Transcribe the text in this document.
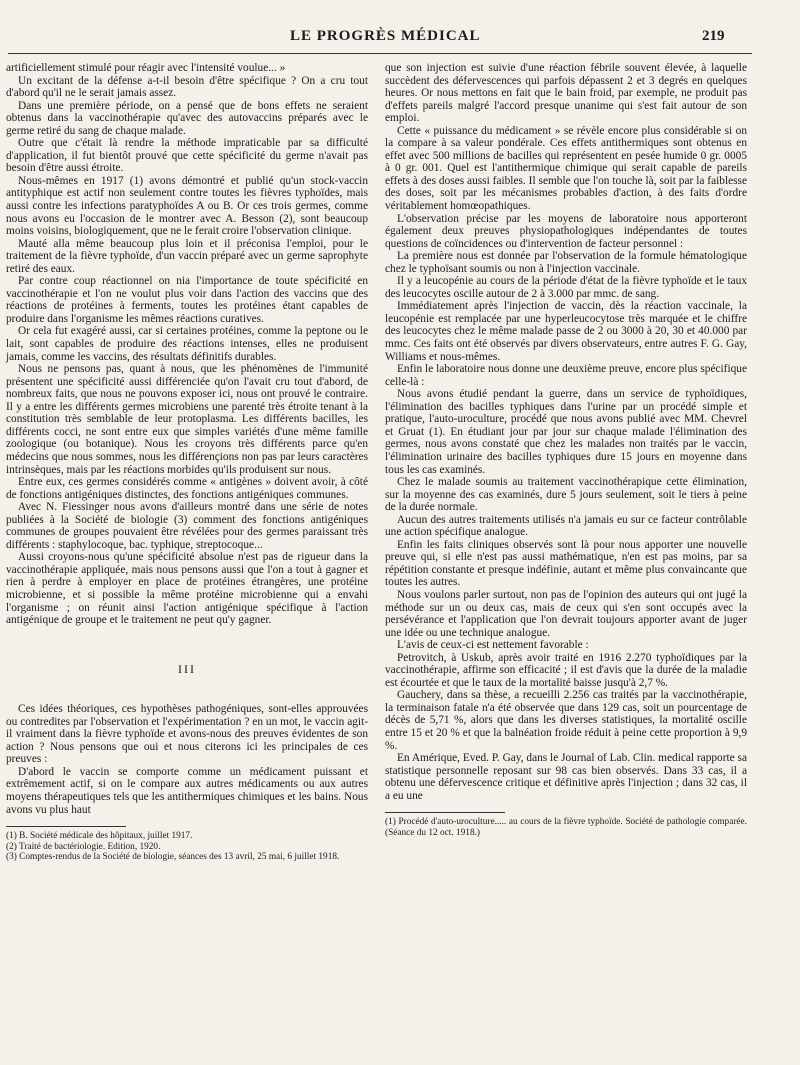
LE PROGRÈS MÉDICAL	219

artificiellement stimulé pour réagir avec l'intensité voulue... »

Un excitant de la défense a-t-il besoin d'être spécifique ? On a cru tout d'abord qu'il ne le serait jamais assez.

Dans une première période, on a pensé que de bons effets ne seraient obtenus dans la vaccinothérapie qu'avec des autovaccins préparés avec le germe retiré du sang de chaque malade.

Outre que c'était là rendre la méthode impraticable par sa difficulté d'application, il fut bientôt prouvé que cette spécificité du germe n'avait pas besoin d'être aussi étroite.

Nous-mêmes en 1917 (1) avons démontré et publié qu'un stock-vaccin antityphique est actif non seulement contre toutes les fièvres typhoïdes, mais aussi contre les infections paratyphoïdes A ou B. Or ces trois germes, comme nous avons eu l'occasion de le montrer avec A. Besson (2), sont beaucoup moins voisins, biologiquement, que ne le ferait croire l'observation clinique.

Mauté alla même beaucoup plus loin et il préconisa l'emploi, pour le traitement de la fièvre typhoïde, d'un vaccin préparé avec un germe saprophyte retiré des eaux.

Par contre coup réactionnel on nia l'importance de toute spécificité en vaccinothérapie et l'on ne voulut plus voir dans l'action des vaccins que des réactions de protéines à ferments, toutes les protéines étant capables de produire dans l'organisme les mêmes réactions curatives.

Or cela fut exagéré aussi, car si certaines protéines, comme la peptone ou le lait, sont capables de produire des réactions intenses, elles ne produisent jamais, comme les vaccins, des résultats définitifs durables.

Nous ne pensons pas, quant à nous, que les phénomènes de l'immunité présentent une spécificité aussi différenciée qu'on l'avait cru tout d'abord, de nombreux faits, que nous ne pouvons exposer ici, nous ont prouvé le contraire. Il y a entre les différents germes microbiens une parenté très étroite tenant à la constitution très semblable de leur protoplasma. Les différents bacilles, les différents cocci, ne sont entre eux que simples variétés d'une même famille zoologique (ou botanique). Nous les croyons très différents parce qu'en médecins que nous sommes, nous les différençions non pas par leurs caractères intrinsèques, mais par les réactions morbides qu'ils produisent sur nous.

Entre eux, ces germes considérés comme « antigènes » doivent avoir, à côté de fonctions antigéniques distinctes, des fonctions antigéniques communes.

Avec N. Fiessinger nous avons d'ailleurs montré dans une série de notes publiées à la Société de biologie (3) comment des fonctions antigéniques communes de groupes pouvaient être révélées pour des germes paraissant très différents : staphylocoque, bac. typhique, streptocoque...

Aussi croyons-nous qu'une spécificité absolue n'est pas de rigueur dans la vaccinothérapie appliquée, mais nous pensons aussi que l'on a tout à gagner et rien à perdre à employer en place de protéines étrangères, une protéine microbienne, et si possible la même protéine microbienne qui a envahi l'organisme ; on réunit ainsi l'action antigénique spécifique à l'action antigénique de groupe et le traitement ne peut qu'y gagner.

III

Ces idées théoriques, ces hypothèses pathogéniques, sont-elles approuvées ou contredites par l'observation et l'expérimentation ? en un mot, le vaccin agit-il vraiment dans la fièvre typhoïde et avons-nous des preuves évidentes de son action ? Nous pensons que oui et nous citerons ici les principales de ces preuves :

D'abord le vaccin se comporte comme un médicament puissant et extrêmement actif, si on le compare aux autres médicaments ou aux autres moyens thérapeutiques tels que les antithermiques chimiques et les bains. Nous avons vu plus haut

(1) B. Société médicale des hôpitaux, juillet 1917.
(2) Traité de bactériologie. Edition, 1920.
(3) Comptes-rendus de la Société de biologie, séances des 13 avril, 25 mai, 6 juillet 1918.

que son injection est suivie d'une réaction fébrile souvent élevée, à laquelle succèdent des défervescences qui parfois dépassent 2 et 3 degrés en quelques heures. Or nous mettons en fait que le bain froid, par exemple, ne produit pas d'effets pareils malgré l'accord presque unanime qui s'est fait autour de son emploi.

Cette « puissance du médicament » se révèle encore plus considérable si on la compare à sa valeur pondérale. Ces effets antithermiques sont obtenus en effet avec 500 millions de bacilles qui représentent en pesée humide 0 gr. 0005 à 0 gr. 001. Quel est l'antithermique chimique qui serait capable de pareils effets à des doses aussi faibles. Il semble que l'on touche là, soit par la faiblesse des doses, soit par les mécanismes probables d'action, à des faits d'ordre véritablement homœopathiques.

L'observation précise par les moyens de laboratoire nous apporteront également deux preuves physiopathologiques indépendantes de toutes questions de coïncidences ou d'intervention de facteur personnel :

La première nous est donnée par l'observation de la formule hématologique chez le typhoïsant soumis ou non à l'injection vaccinale.

Il y a leucopénie au cours de la période d'état de la fièvre typhoïde et le taux des leucocytes oscille autour de 2 à 3.000 par mmc. de sang.

Immédiatement après l'injection de vaccin, dès la réaction vaccinale, la leucopénie est remplacée par une hyperleucocytose très marquée et le chiffre des leucocytes chez le même malade passe de 2 ou 3000 à 20, 30 et 40.000 par mmc. Ces faits ont été observés par divers observateurs, entre autres F. G. Gay, Williams et nous-mêmes.

Enfin le laboratoire nous donne une deuxième preuve, encore plus spécifique celle-là :

Nous avons étudié pendant la guerre, dans un service de typhoïdiques, l'élimination des bacilles typhiques dans l'urine par un procédé simple et pratique, l'auto-uroculture, procédé que nous avons publié avec MM. Chevrel et Gruat (1). En étudiant jour par jour sur chaque malade l'élimination des germes, nous avons constaté que chez les malades non traités par le vaccin, l'élimination urinaire des bacilles typhiques dure 15 jours en moyenne dans tous les cas examinés.

Chez le malade soumis au traitement vaccinothérapique cette élimination, sur la moyenne des cas examinés, dure 5 jours seulement, soit le tiers à peine de la durée normale.

Aucun des autres traitements utilisés n'a jamais eu sur ce facteur contrôlable une action spécifique analogue.

Enfin les faits cliniques observés sont là pour nous apporter une nouvelle preuve qui, si elle n'est pas aussi mathématique, n'en est pas moins, par sa répétition constante et presque indéfinie, autant et même plus convaincante que toutes les autres.

Nous voulons parler surtout, non pas de l'opinion des auteurs qui ont jugé la méthode sur un ou deux cas, mais de ceux qui s'en sont occupés avec la persévérance et l'application que l'on devrait toujours apporter avant de juger une idée ou une technique analogue.

L'avis de ceux-ci est nettement favorable :

Petrovitch, à Uskub, après avoir traité en 1916 2.270 typhoïdiques par la vaccinothérapie, affirme son efficacité ; il est d'avis que la durée de la maladie est écourtée et que le taux de la mortalité baisse jusqu'à 2,7 %.

Gauchery, dans sa thèse, a recueilli 2.256 cas traités par la vaccinothérapie, la terminaison fatale n'a été observée que dans 129 cas, soit un pourcentage de décès de 5,71 %, alors que dans les diverses statistiques, la mortalité oscille entre 15 et 20 % et que la balnéation froide réduit à peine cette proportion à 9,9 %.

En Amérique, Eved. P. Gay, dans le Journal of Lab. Clin. medical rapporte sa statistique personnelle reposant sur 98 cas bien observés. Dans 33 cas, il a obtenu une défervescence critique et définitive après l'injection ; dans 32 cas, il a eu une

(1) Procédé d'auto-uroculture..... au cours de la fièvre typhoïde. Société de pathologie comparée. (Séance du 12 oct. 1918.)
